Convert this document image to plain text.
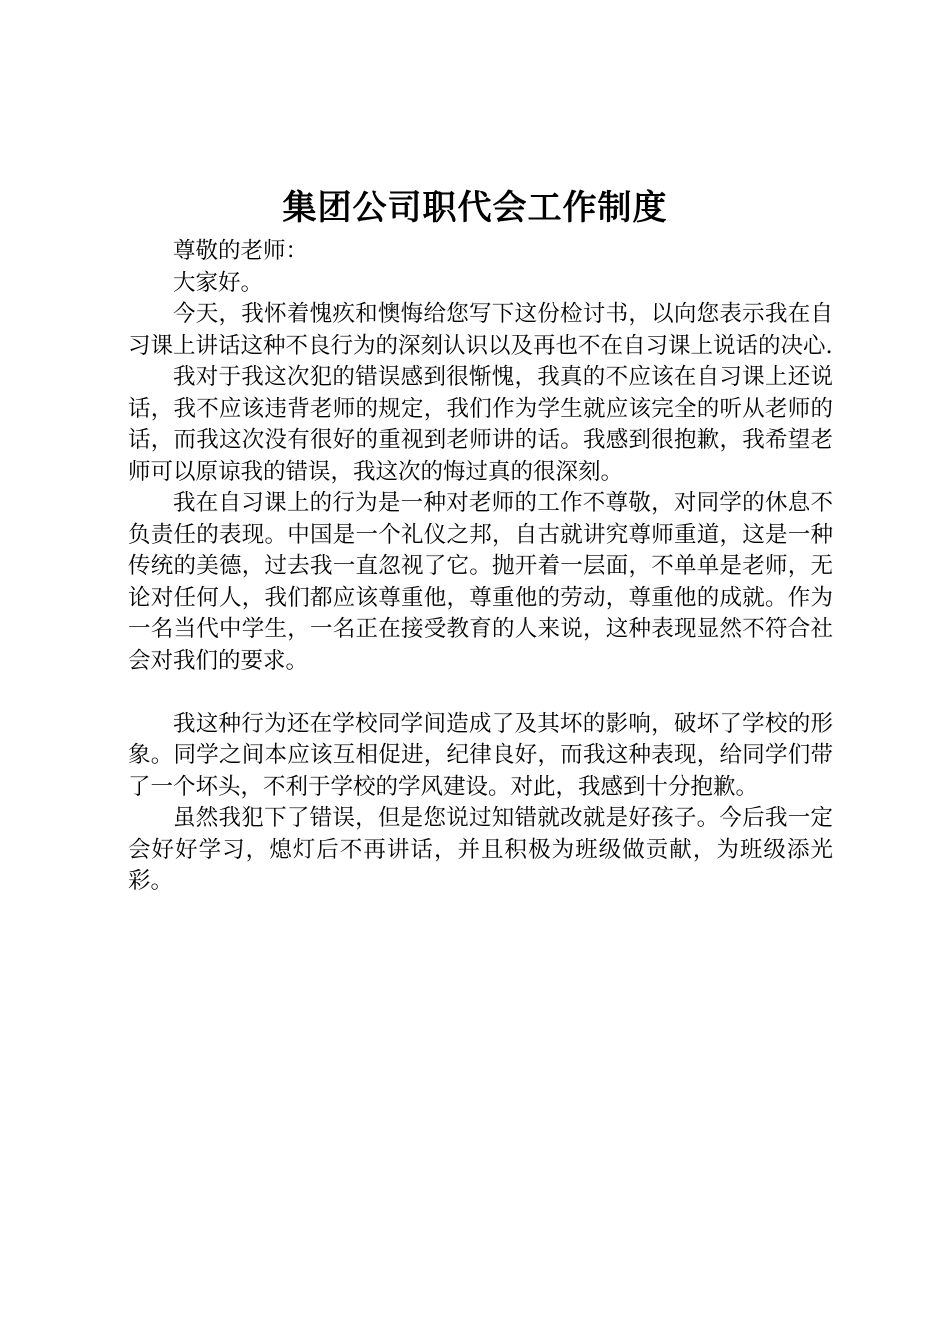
集团公司职代会工作制度

尊敬的老师：

大家好。

今天，我怀着愧疚和懊悔给您写下这份检讨书，以向您表示我在自习课上讲话这种不良行为的深刻认识以及再也不在自习课上说话的决心.

我对于我这次犯的错误感到很惭愧，我真的不应该在自习课上还说话，我不应该违背老师的规定，我们作为学生就应该完全的听从老师的话，而我这次没有很好的重视到老师讲的话。我感到很抱歉，我希望老师可以原谅我的错误，我这次的悔过真的很深刻。

我在自习课上的行为是一种对老师的工作不尊敬，对同学的休息不负责任的表现。中国是一个礼仪之邦，自古就讲究尊师重道，这是一种传统的美德，过去我一直忽视了它。抛开着一层面，不单单是老师，无论对任何人，我们都应该尊重他，尊重他的劳动，尊重他的成就。作为一名当代中学生，一名正在接受教育的人来说，这种表现显然不符合社会对我们的要求。

我这种行为还在学校同学间造成了及其坏的影响，破坏了学校的形象。同学之间本应该互相促进，纪律良好，而我这种表现，给同学们带了一个坏头，不利于学校的学风建设。对此，我感到十分抱歉。

虽然我犯下了错误，但是您说过知错就改就是好孩子。今后我一定会好好学习，熄灯后不再讲话，并且积极为班级做贡献，为班级添光彩。
